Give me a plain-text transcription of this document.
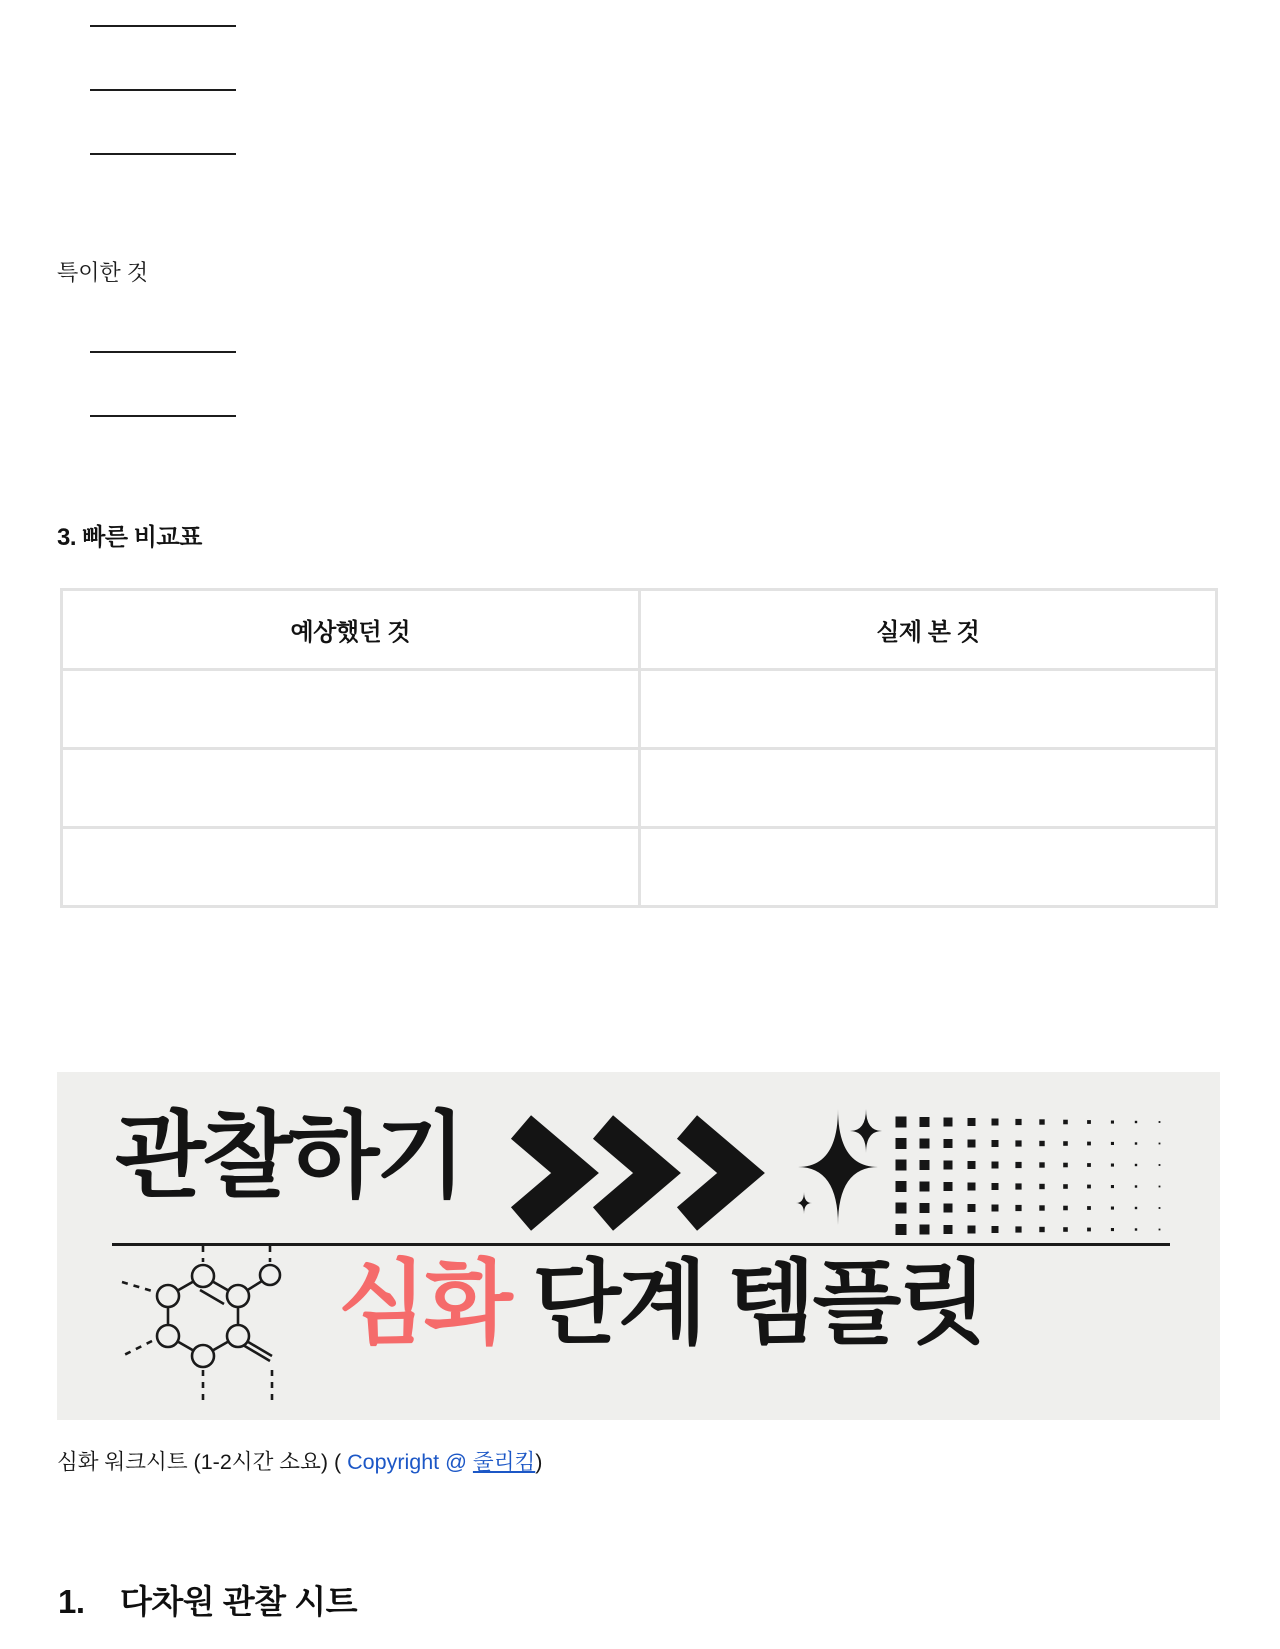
특이한 것
3. 빠른 비교표
예상했던 것	실제 본 것

관찰하기
심화 단계 템플릿
심화 워크시트 (1-2시간 소요) ( Copyright @ 줄리킴)
1.	다차원 관찰 시트
